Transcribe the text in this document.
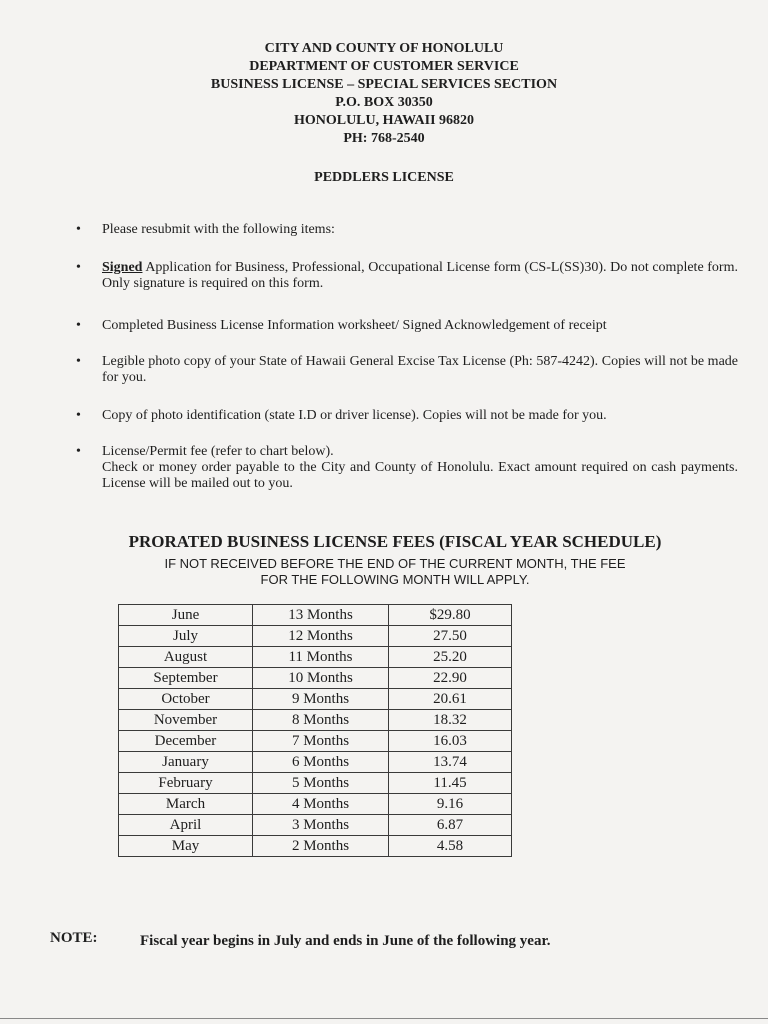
CITY AND COUNTY OF HONOLULU
DEPARTMENT OF CUSTOMER SERVICE
BUSINESS LICENSE – SPECIAL SERVICES SECTION
P.O. BOX 30350
HONOLULU, HAWAII 96820
PH: 768-2540
PEDDLERS LICENSE
• Please resubmit with the following items:
• Signed Application for Business, Professional, Occupational License form (CS-L(SS)30). Do not complete form. Only signature is required on this form.
• Completed Business License Information worksheet/ Signed Acknowledgement of receipt
• Legible photo copy of your State of Hawaii General Excise Tax License (Ph: 587-4242). Copies will not be made for you.
• Copy of photo identification (state I.D or driver license). Copies will not be made for you.
• License/Permit fee (refer to chart below).
Check or money order payable to the City and County of Honolulu. Exact amount required on cash payments. License will be mailed out to you.
PRORATED BUSINESS LICENSE FEES (FISCAL YEAR SCHEDULE)
IF NOT RECEIVED BEFORE THE END OF THE CURRENT MONTH, THE FEE
FOR THE FOLLOWING MONTH WILL APPLY.
June	13 Months	$29.80
July	12 Months	27.50
August	11 Months	25.20
September	10 Months	22.90
October	9 Months	20.61
November	8 Months	18.32
December	7 Months	16.03
January	6 Months	13.74
February	5 Months	11.45
March	4 Months	9.16
April	3 Months	6.87
May	2 Months	4.58
NOTE:	Fiscal year begins in July and ends in June of the following year.
